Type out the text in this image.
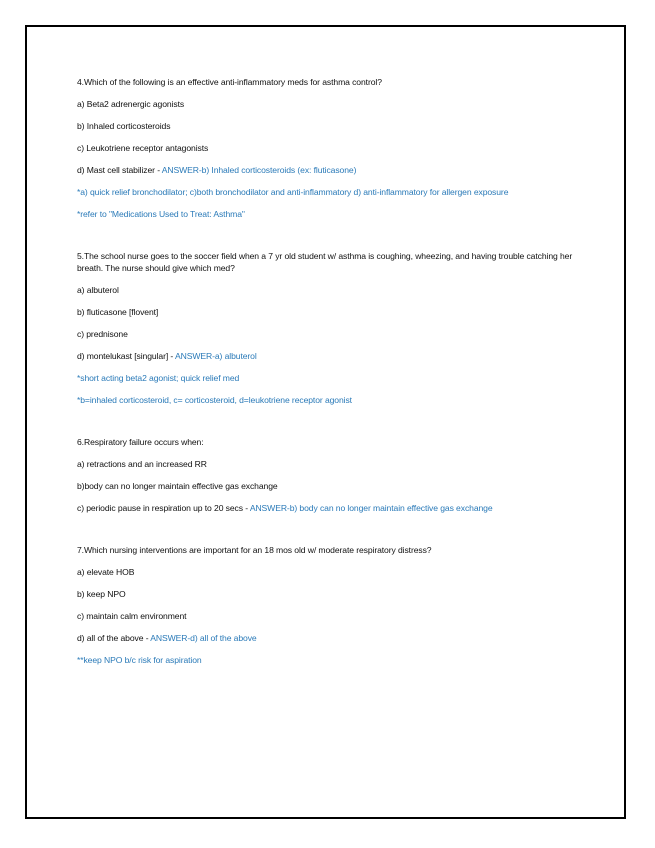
4.Which of the following is an effective anti-inflammatory meds for asthma control?

a) Beta2 adrenergic agonists

b) Inhaled corticosteroids

c) Leukotriene receptor antagonists

d) Mast cell stabilizer - ANSWER-b) Inhaled corticosteroids (ex: fluticasone)

*a) quick relief bronchodilator; c)both bronchodilator and anti-inflammatory d) anti-inflammatory for allergen exposure

*refer to "Medications Used to Treat: Asthma"

5.The school nurse goes to the soccer field when a 7 yr old student w/ asthma is coughing, wheezing, and having trouble catching her breath. The nurse should give which med?

a) albuterol

b) fluticasone [flovent]

c) prednisone

d) montelukast [singular] - ANSWER-a) albuterol

*short acting beta2 agonist; quick relief med

*b=inhaled corticosteroid, c= corticosteroid, d=leukotriene receptor agonist

6.Respiratory failure occurs when:

a) retractions and an increased RR

b)body can no longer maintain effective gas exchange

c) periodic pause in respiration up to 20 secs - ANSWER-b) body can no longer maintain effective gas exchange

7.Which nursing interventions are important for an 18 mos old w/ moderate respiratory distress?

a) elevate HOB

b) keep NPO

c) maintain calm environment

d) all of the above - ANSWER-d) all of the above

**keep NPO b/c risk for aspiration
